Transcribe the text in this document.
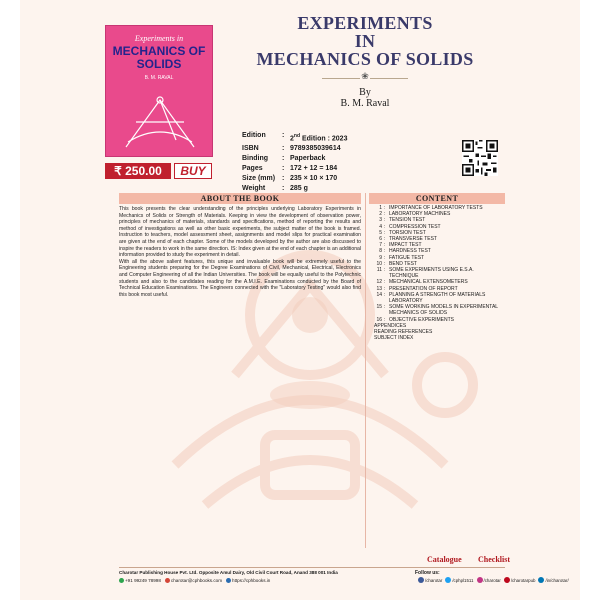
Experiments in
MECHANICS OF
SOLIDS
B. M. RAVAL
₹ 250.00	BUY
EXPERIMENTS
IN
MECHANICS OF SOLIDS
❀
By
B. M. Raval
Edition	: 2nd Edition : 2023
ISBN	: 9789385039614
Binding	: Paperback
Pages	: 172 + 12 = 184
Size (mm) : 235 × 10 × 170
Weight	: 285 g
ABOUT THE BOOK	CONTENT

This book presents the clear understanding of the principles underlying Laboratory Experiments in Mechanics of Solids or Strength of Materials. Keeping in view the development of observation power, principles of mechanics of materials, standards and specifications, method of reporting the results and method of investigations as well as other basic experiments, the subject matter of the book is framed. Instruction to teachers, model assessment sheet, assignments and model slips for practical examination are given at the end of each chapter. Some of the models developed by the author are also discussed to inspire the readers to work in the same direction. IS: Index given at the end of each chapter is an additional information provided to study the experiment in detail.

With all the above salient features, this unique and invaluable book will be extremely useful to the Engineering students preparing for the Degree Examinations of Civil, Mechanical, Electrical, Electronics and Computer Engineering of all the Indian Universities. The book will be equally useful to the Polytechnic students and also to the candidates reading for the A.M.I.E. Examinations conducted by the Board of Technical Education Examinations. The Engineers connected with the "Laboratory Testing" would also find this book most useful.

1 : IMPORTANCE OF LABORATORY TESTS
2 : LABORATORY MACHINES
3 : TENSION TEST
4 : COMPRESSION TEST
5 : TORSION TEST
6 : TRANSVERSE TEST
7 : IMPACT TEST
8 : HARDNESS TEST
9 : FATIGUE TEST
10 : BEND TEST
11 : SOME EXPERIMENTS USING E.S.A. TECHNIQUE
12 : MECHANICAL EXTENSOMETERS
13 : PRESENTATION OF REPORT
14 : PLANNING A STRENGTH OF MATERIALS LABORATORY
15 : SOME WORKING MODELS IN EXPERIMENTAL MECHANICS OF SOLIDS
16 : OBJECTIVE EXPERIMENTS
APPENDICES
READING REFERENCES
SUBJECT INDEX
Catalogue Checklist
Charotar Publishing House Pvt. Ltd. Opposite Amul Dairy, Old Civil Court Road, Anand 388 001 India
+91 99249 78998	charotar@cphbooks.com	https://cphbooks.in
Follow us:
/charotar /cphpl1511 /charotar /charotarpub /in/charotar/
